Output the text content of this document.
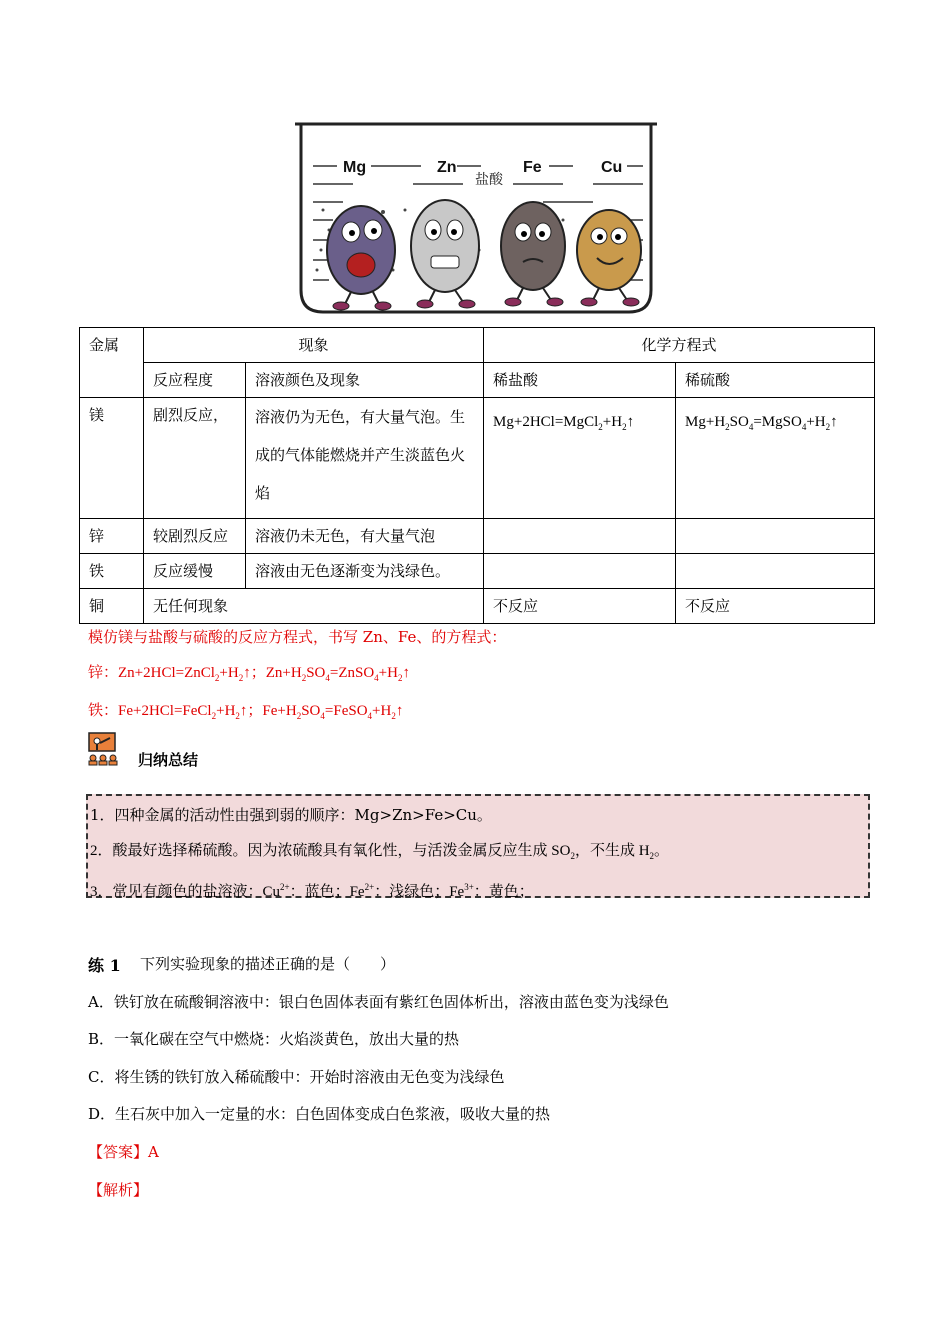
Mg	Zn	Fe	Cu
盐酸
金属	现象		化学方程式	
	反应程度	溶液颜色及现象	稀盐酸	稀硫酸
镁	剧烈反应，	溶液仍为无色，有大量气泡。生成的气体能燃烧并产生淡蓝色火焰	$Mg+2HCl=MgCl_2+H_2↑$	$Mg+H_2SO_4=MgSO_4+H_2↑$
锌	较剧烈反应	溶液仍未无色，有大量气泡		
铁	反应缓慢	溶液由无色逐渐变为浅绿色。		
铜	无任何现象		不反应	不反应
模仿镁与盐酸与硫酸的反应方程式，书写 Zn、Fe、的方程式：
锌：$Zn+2HCl=ZnCl_2+H_2↑$；$Zn+H_2SO_4=ZnSO_4+H_2↑$
铁：$Fe+2HCl=FeCl_2+H_2↑$；$Fe+H_2SO_4=FeSO_4+H_2↑$
归纳总结
1．四种金属的活动性由强到弱的顺序：Mg>Zn>Fe>Cu。
2．酸最好选择稀硫酸。因为浓硫酸具有氧化性，与活泼金属反应生成 $SO_2$，不生成 $H_2$。
3．常见有颜色的盐溶液：$Cu^{2+}$：蓝色；$Fe^{2+}$：浅绿色；$Fe^{3+}$：黄色；
练 1 下列实验现象的描述正确的是（　　）
A．铁钉放在硫酸铜溶液中：银白色固体表面有紫红色固体析出，溶液由蓝色变为浅绿色
B．一氧化碳在空气中燃烧：火焰淡黄色，放出大量的热
C．将生锈的铁钉放入稀硫酸中：开始时溶液由无色变为浅绿色
D．生石灰中加入一定量的水：白色固体变成白色浆液，吸收大量的热
【答案】A
【解析】
